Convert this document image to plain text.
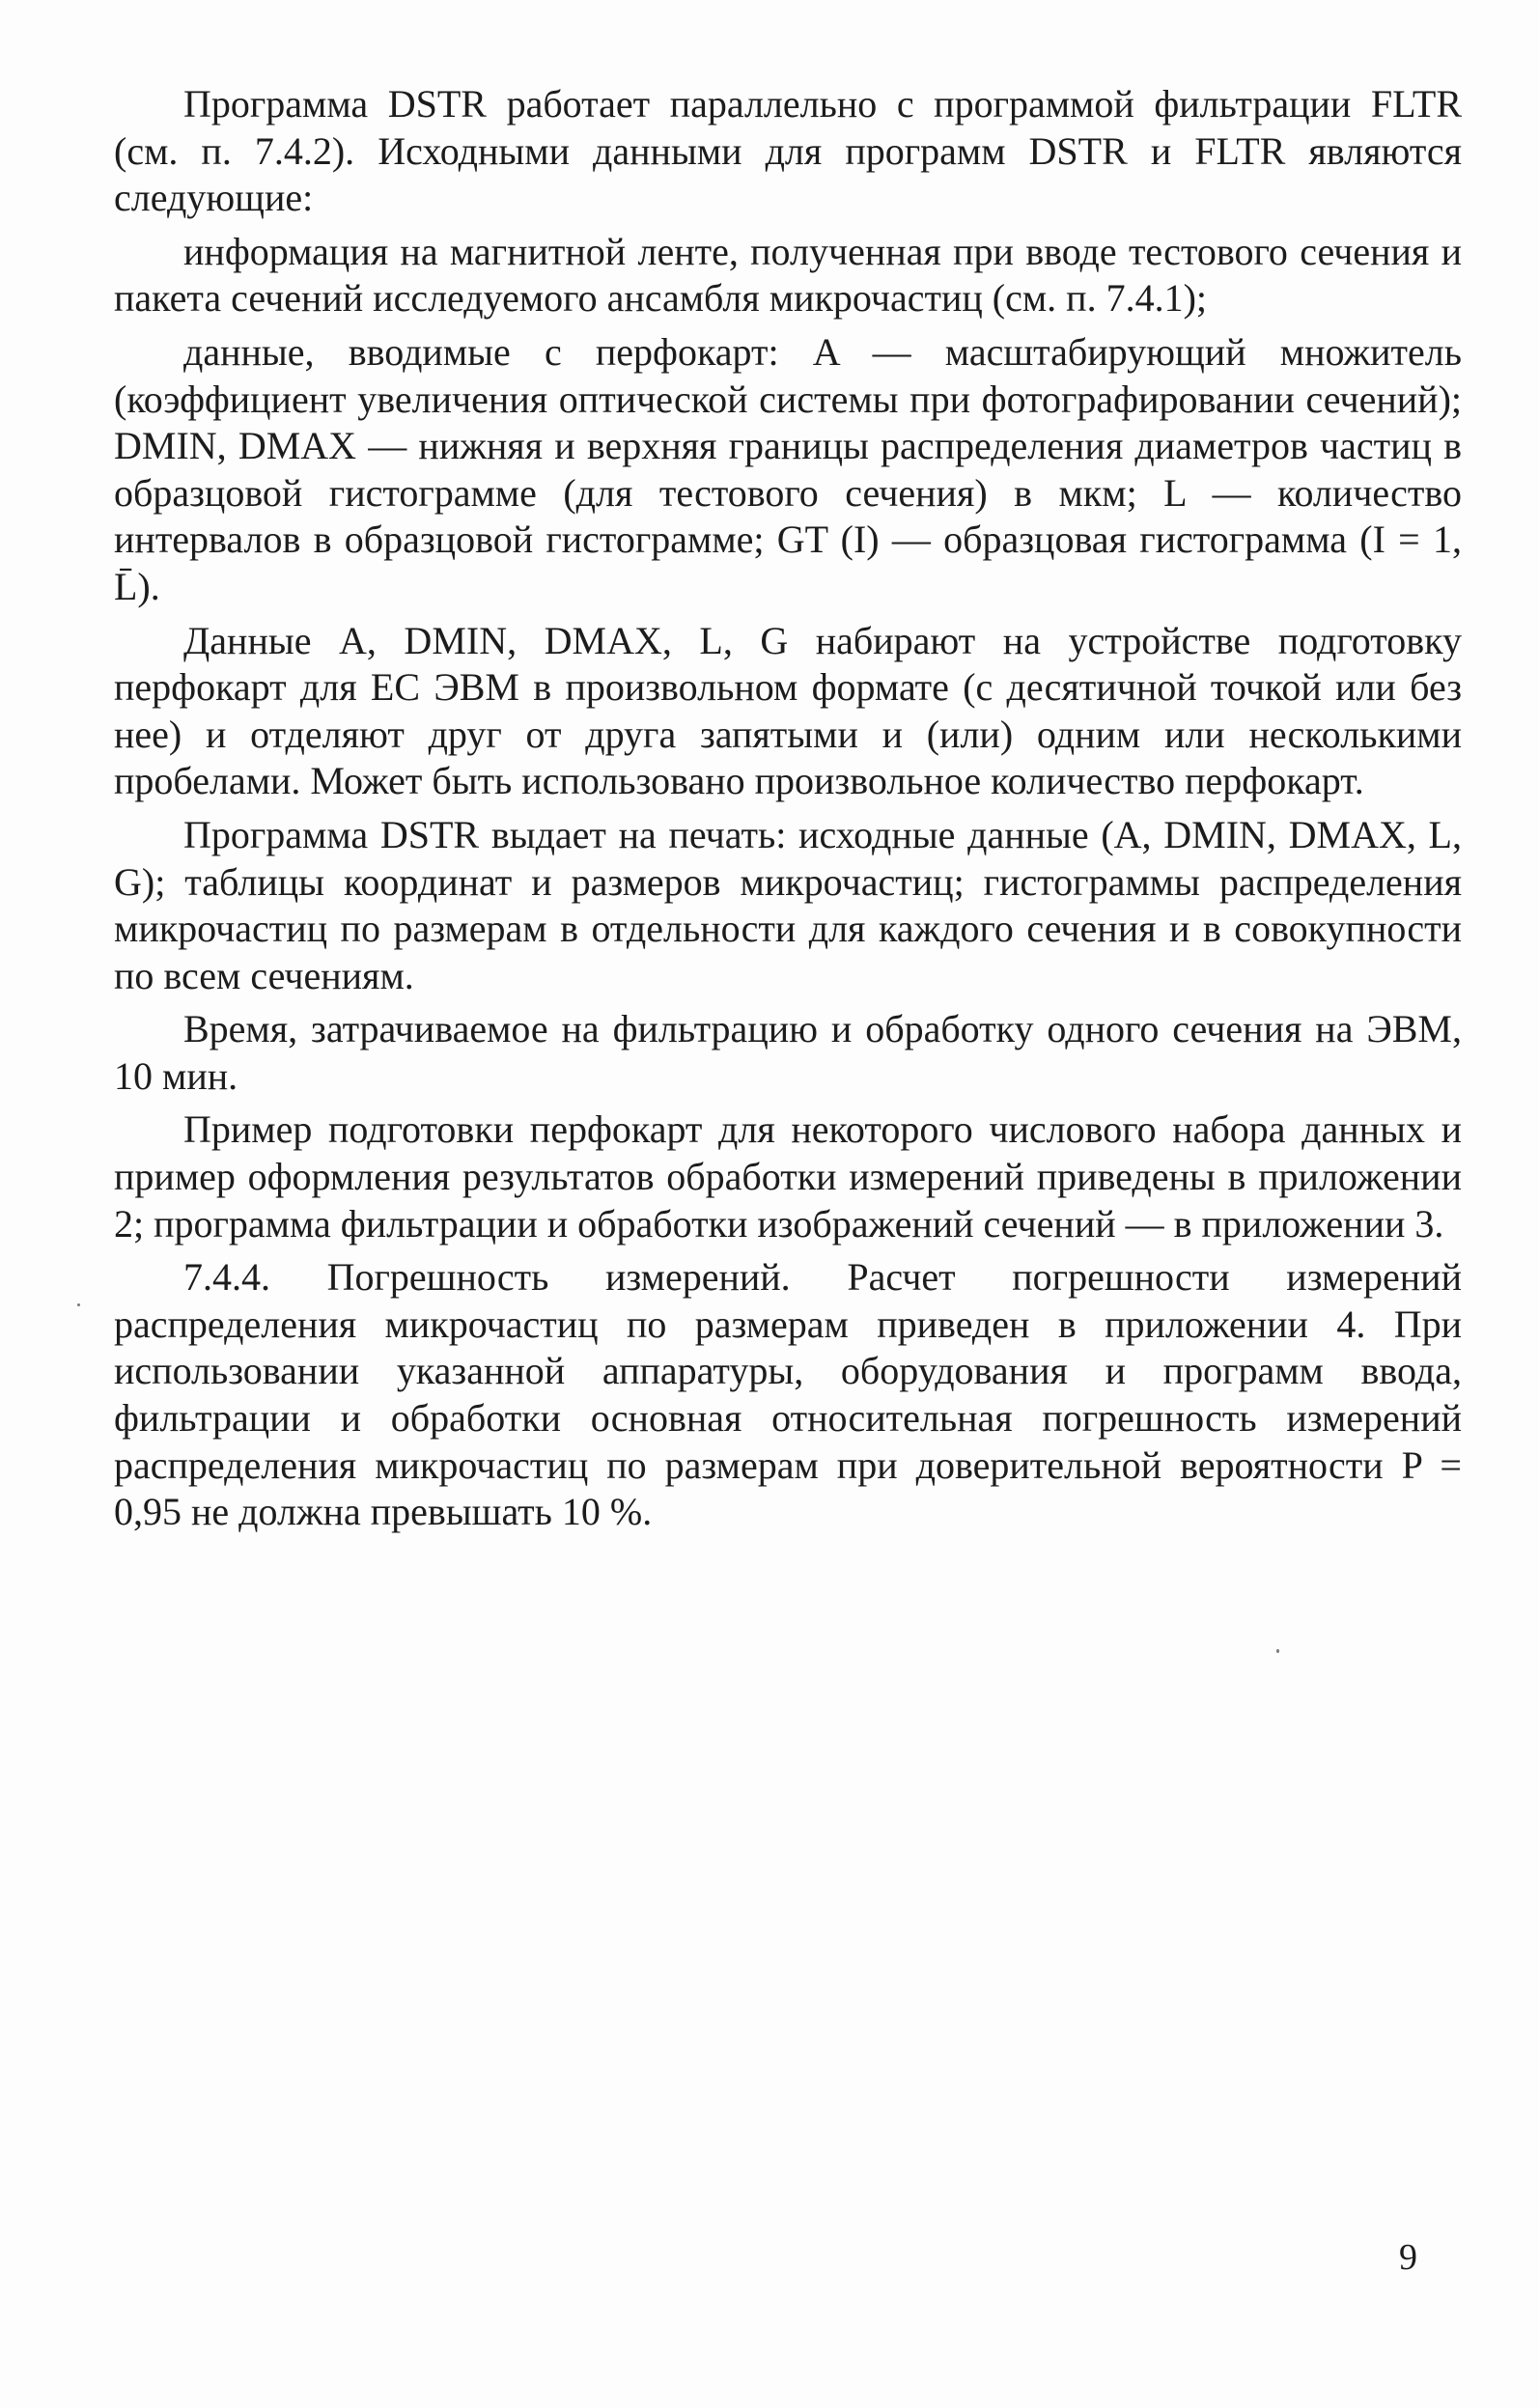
Программа DSTR работает параллельно с программой фильтрации FLTR (см. п. 7.4.2). Исходными данными для программ DSTR и FLTR являются следующие:

информация на магнитной ленте, полученная при вводе тестового сечения и пакета сечений исследуемого ансамбля микрочастиц (см. п. 7.4.1);

данные, вводимые с перфокарт: A — масштабирующий множитель (коэффициент увеличения оптической системы при фотографировании сечений); DMIN, DMAX — нижняя и верхняя границы распределения диаметров частиц в образцовой гистограмме (для тестового сечения) в мкм; L — количество интервалов в образцовой гистограмме; GT (I) — образцовая гистограмма (I = 1, L̄).

Данные A, DMIN, DMAX, L, G набирают на устройстве подготовку перфокарт для ЕС ЭВМ в произвольном формате (с десятичной точкой или без нее) и отделяют друг от друга запятыми и (или) одним или несколькими пробелами. Может быть использовано произвольное количество перфокарт.

Программа DSTR выдает на печать: исходные данные (A, DMIN, DMAX, L, G); таблицы координат и размеров микрочастиц; гистограммы распределения микрочастиц по размерам в отдельности для каждого сечения и в совокупности по всем сечениям.

Время, затрачиваемое на фильтрацию и обработку одного сечения на ЭВМ, 10 мин.

Пример подготовки перфокарт для некоторого числового набора данных и пример оформления результатов обработки измерений приведены в приложении 2; программа фильтрации и обработки изображений сечений — в приложении 3.

7.4.4. Погрешность измерений. Расчет погрешности измерений распределения микрочастиц по размерам приведен в приложении 4. При использовании указанной аппаратуры, оборудования и программ ввода, фильтрации и обработки основная относительная погрешность измерений распределения микрочастиц по размерам при доверительной вероятности P = 0,95 не должна превышать 10 %.

9
